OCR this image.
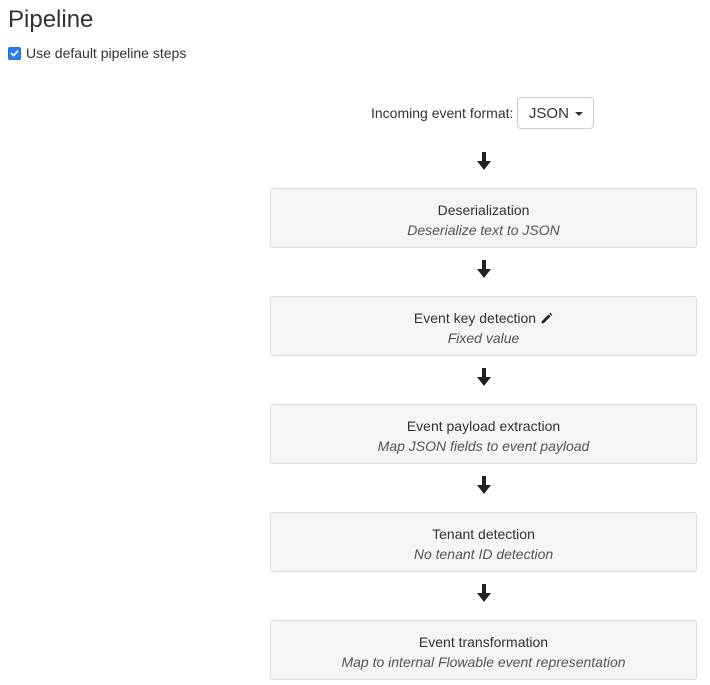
Pipeline
Use default pipeline steps
Incoming event format: JSON
Deserialization
Deserialize text to JSON
Event key detection
Fixed value
Event payload extraction
Map JSON fields to event payload
Tenant detection
No tenant ID detection
Event transformation
Map to internal Flowable event representation
